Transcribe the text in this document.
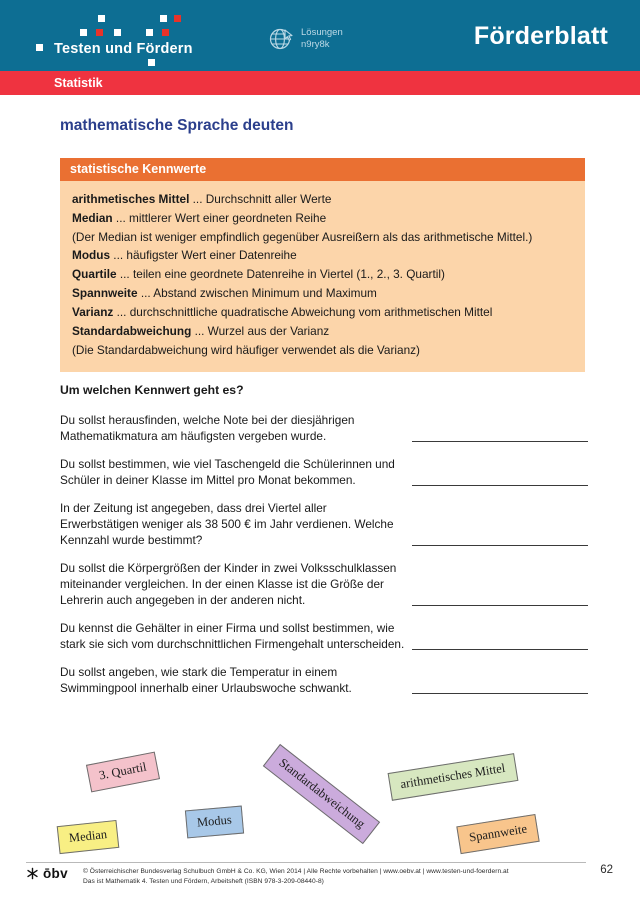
Testen und Fördern
Lösungen
n9ry8k	Förderblatt
Statistik
mathematische Sprache deuten
statistische Kennwerte
arithmetisches Mittel ... Durchschnitt aller Werte
Median ... mittlerer Wert einer geordneten Reihe
(Der Median ist weniger empfindlich gegenüber Ausreißern als das arithmetische Mittel.)
Modus ... häufigster Wert einer Datenreihe
Quartile ... teilen eine geordnete Datenreihe in Viertel (1., 2., 3. Quartil)
Spannweite ... Abstand zwischen Minimum und Maximum
Varianz ... durchschnittliche quadratische Abweichung vom arithmetischen Mittel
Standardabweichung ... Wurzel aus der Varianz
(Die Standardabweichung wird häufiger verwendet als die Varianz)
Um welchen Kennwert geht es?
Du sollst herausfinden, welche Note bei der diesjährigen Mathematikmatura am häufigsten vergeben wurde.
Du sollst bestimmen, wie viel Taschengeld die Schülerinnen und Schüler in deiner Klasse im Mittel pro Monat bekommen.
In der Zeitung ist angegeben, dass drei Viertel aller Erwerbstätigen weniger als 38 500 € im Jahr verdienen. Welche Kennzahl wurde bestimmt?
Du sollst die Körpergrößen der Kinder in zwei Volksschulklassen miteinander vergleichen. In der einen Klasse ist die Größe der Lehrerin auch angegeben in der anderen nicht.
Du kennst die Gehälter in einer Firma und sollst bestimmen, wie stark sie sich vom durchschnittlichen Firmengehalt unterscheiden.
Du sollst angeben, wie stark die Temperatur in einem Swimmingpool innerhalb einer Urlaubswoche schwankt.
3. Quartil
Median
Modus	Standardabweichung	arithmetisches Mittel
Spannweite
ōbv © Österreichischer Bundesverlag Schulbuch GmbH & Co. KG, Wien 2014 | Alle Rechte vorbehalten | www.oebv.at | www.testen-und-foerdern.at
Das ist Mathematik 4. Testen und Fördern, Arbeitsheft (ISBN 978-3-209-08440-8)
62
